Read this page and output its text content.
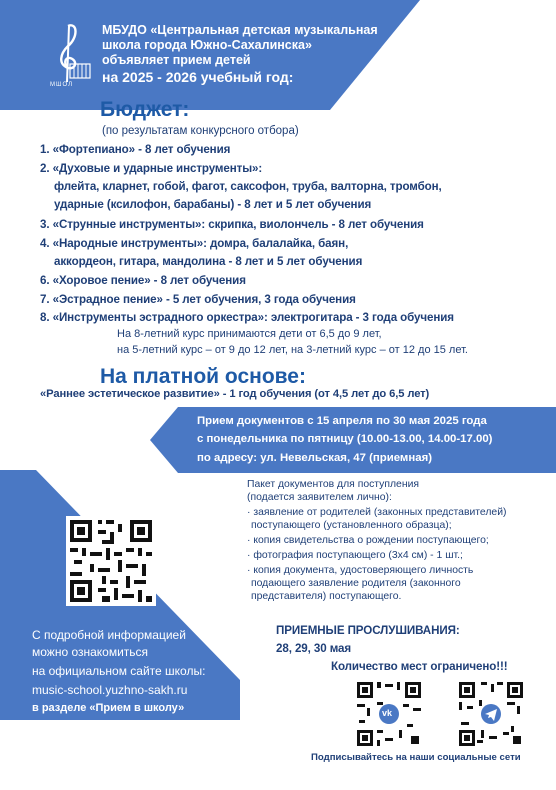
МШОЛ
МБУДО «Центральная детская музыкальная
школа города Южно-Сахалинска»
объявляет прием детей
на 2025 - 2026 учебный год:
Бюджет:
(по результатам конкурсного отбора)
1. «Фортепиано» - 8 лет обучения
2. «Духовые и ударные инструменты»:
флейта, кларнет, гобой, фагот, саксофон, труба, валторна, тромбон,
ударные (ксилофон, барабаны) - 8 лет и 5 лет обучения
3. «Струнные инструменты»: скрипка, виолончель - 8 лет обучения
4. «Народные инструменты»: домра, балалайка, баян,
аккордеон, гитара, мандолина - 8 лет и 5 лет обучения
6. «Хоровое пение» - 8 лет обучения
7. «Эстрадное пение» - 5 лет обучения, 3 года обучения
8. «Инструменты эстрадного оркестра»: электрогитара - 3 года обучения
На 8-летний курс принимаются дети от 6,5 до 9 лет,
на 5-летний курс – от 9 до 12 лет, на 3-летний курс – от 12 до 15 лет.
На платной основе:
«Раннее эстетическое развитие» - 1 год обучения (от 4,5 лет до 6,5 лет)
Прием документов с 15 апреля по 30 мая 2025 года
с понедельника по пятницу (10.00-13.00, 14.00-17.00)
по адресу: ул. Невельская, 47 (приемная)
С подробной информацией
можно ознакомиться
на официальном сайте школы:
music-school.yuzhno-sakh.ru
в разделе «Прием в школу»
Пакет документов для поступления
(подается заявителем лично):
· заявление от родителей (законных представителей)
поступающего (установленного образца);
· копия свидетельства о рождении поступающего;
· фотография поступающего (3х4 см) - 1 шт.;
· копия документа, удостоверяющего личность
подающего заявление родителя (законного
представителя) поступающего.
ПРИЕМНЫЕ ПРОСЛУШИВАНИЯ:
28, 29, 30 мая
Количество мест ограничено!!!
vk
Подписывайтесь на наши социальные сети
